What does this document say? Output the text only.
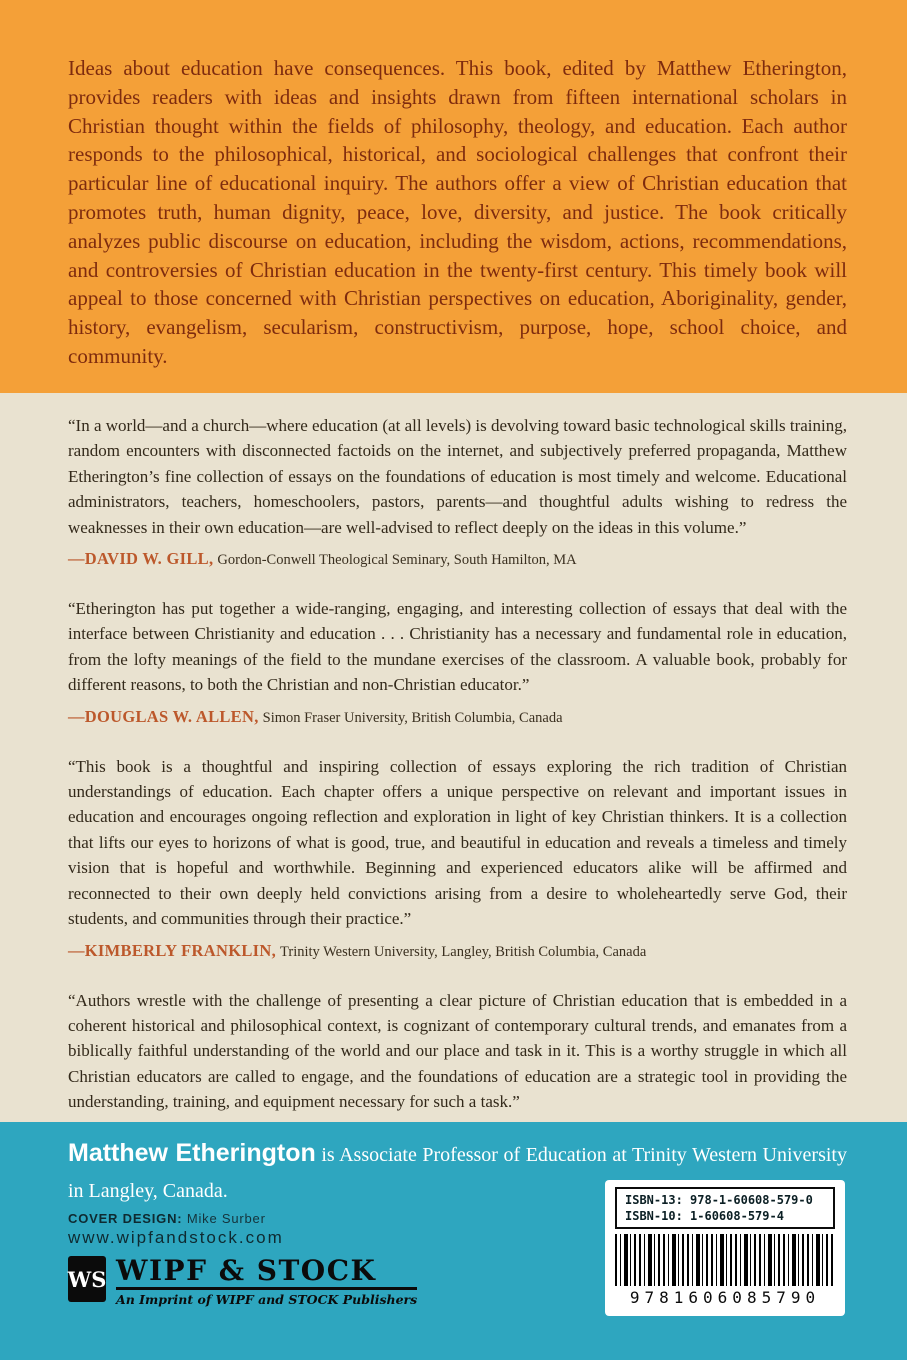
Ideas about education have consequences. This book, edited by Matthew Etherington, provides readers with ideas and insights drawn from fifteen international scholars in Christian thought within the fields of philosophy, theology, and education. Each author responds to the philosophical, historical, and sociological challenges that confront their particular line of educational inquiry. The authors offer a view of Christian education that promotes truth, human dignity, peace, love, diversity, and justice. The book critically analyzes public discourse on education, including the wisdom, actions, recommendations, and controversies of Christian education in the twenty-first century. This timely book will appeal to those concerned with Christian perspectives on education, Aboriginality, gender, history, evangelism, secularism, constructivism, purpose, hope, school choice, and community.

“In a world—and a church—where education (at all levels) is devolving toward basic technological skills training, random encounters with disconnected factoids on the internet, and subjectively preferred propaganda, Matthew Etherington’s fine collection of essays on the foundations of education is most timely and welcome. Educational administrators, teachers, homeschoolers, pastors, parents—and thoughtful adults wishing to redress the weaknesses in their own education—are well-advised to reflect deeply on the ideas in this volume.”

—DAVID W. GILL, Gordon-Conwell Theological Seminary, South Hamilton, MA

“Etherington has put together a wide-ranging, engaging, and interesting collection of essays that deal with the interface between Christianity and education . . . Christianity has a necessary and fundamental role in education, from the lofty meanings of the field to the mundane exercises of the classroom. A valuable book, probably for different reasons, to both the Christian and non-Christian educator.”

—DOUGLAS W. ALLEN, Simon Fraser University, British Columbia, Canada

“This book is a thoughtful and inspiring collection of essays exploring the rich tradition of Christian understandings of education. Each chapter offers a unique perspective on relevant and important issues in education and encourages ongoing reflection and exploration in light of key Christian thinkers. It is a collection that lifts our eyes to horizons of what is good, true, and beautiful in education and reveals a timeless and timely vision that is hopeful and worthwhile. Beginning and experienced educators alike will be affirmed and reconnected to their own deeply held convictions arising from a desire to wholeheartedly serve God, their students, and communities through their practice.”

—KIMBERLY FRANKLIN, Trinity Western University, Langley, British Columbia, Canada

“Authors wrestle with the challenge of presenting a clear picture of Christian education that is embedded in a coherent historical and philosophical context, is cognizant of contemporary cultural trends, and emanates from a biblically faithful understanding of the world and our place and task in it. This is a worthy struggle in which all Christian educators are called to engage, and the foundations of education are a strategic tool in providing the understanding, training, and equipment necessary for such a task.”

Matthew Etherington is Associate Professor of Education at Trinity Western University in Langley, Canada.

COVER DESIGN: Mike Surber

www.wipfandstock.com

WS WIPF & STOCK
An Imprint of WIPF and STOCK Publishers
ISBN-13: 978-1-60608-579-0
ISBN-10: 1-60608-579-4
9781606085790
